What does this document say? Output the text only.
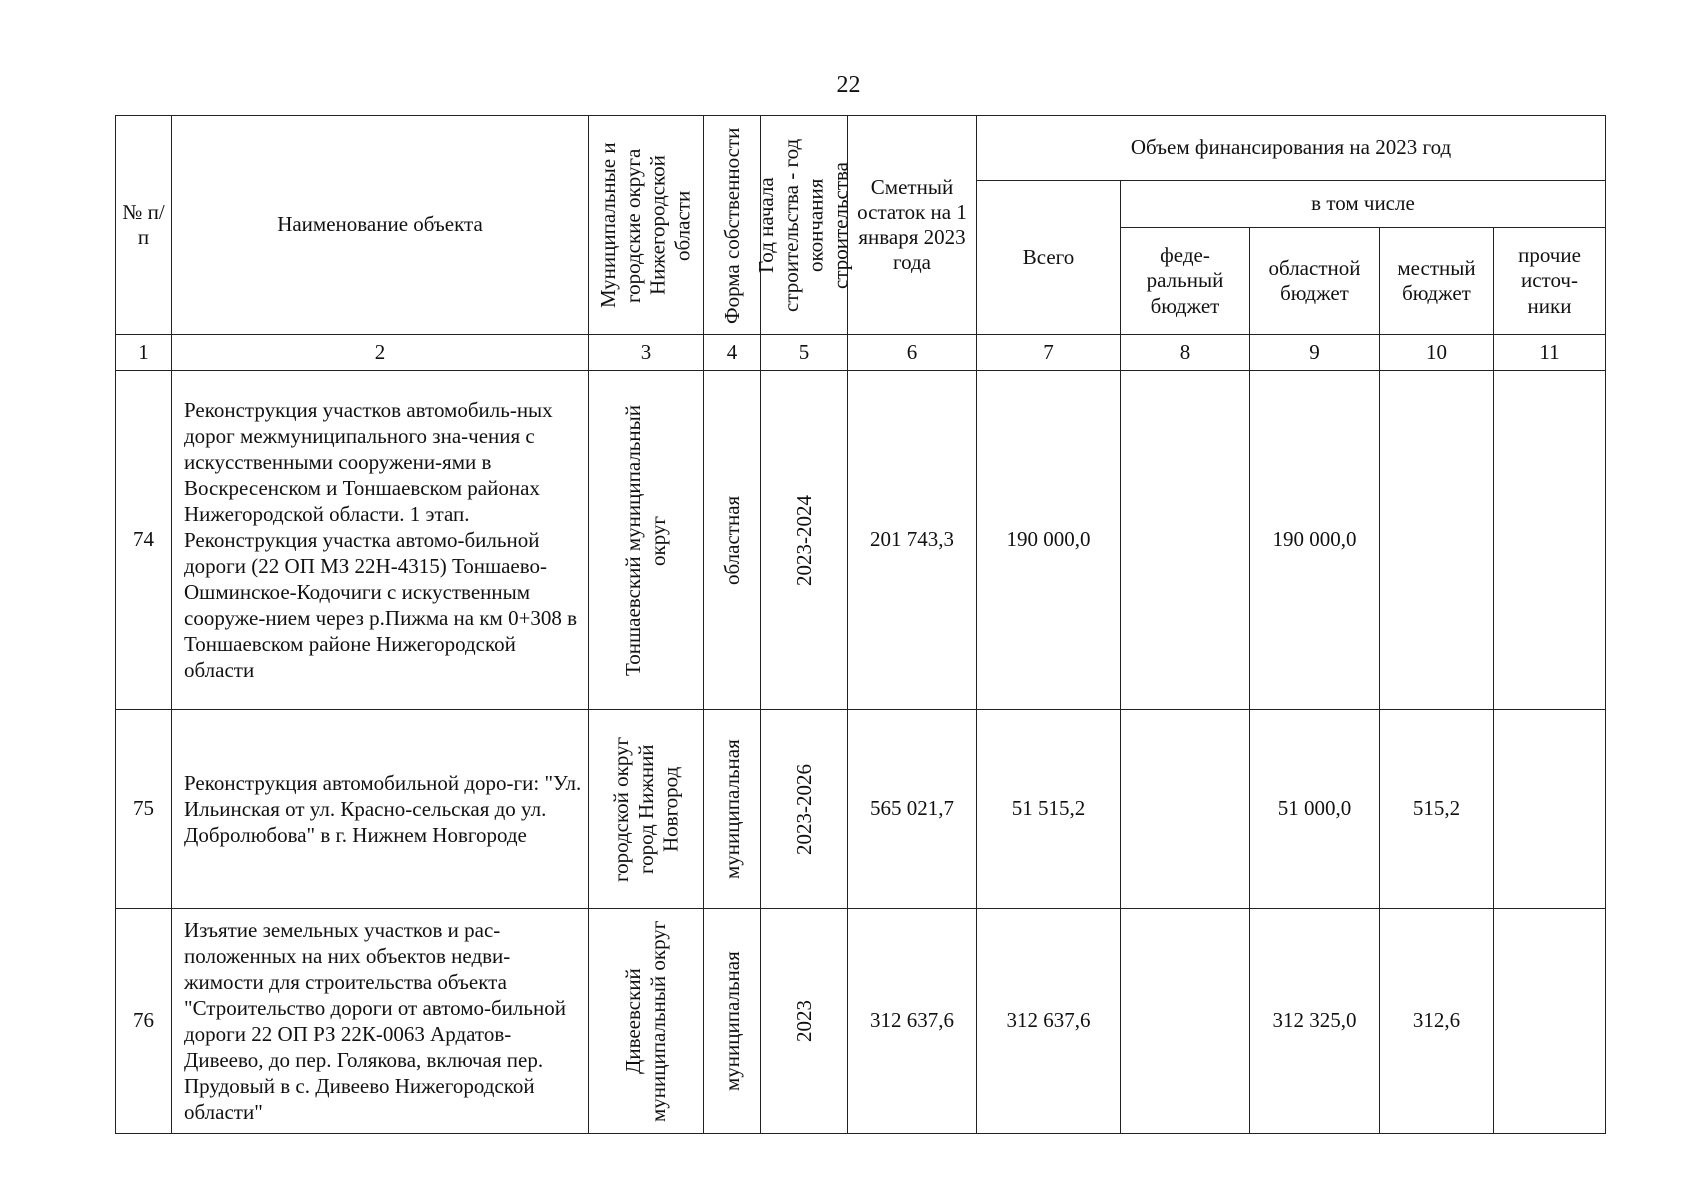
22
№ п/п	Наименование объекта	Муниципальные и городские округа Нижегородской области	Форма собственности	Год начала строительства - год окончания строительства	Сметный остаток на 1 января 2023 года	Объем финансирования на 2023 год				

						Всего	в том числе			

							феде-ральный бюджет	областной бюджет	местный бюджет	прочие источ-ники

1	2	3	4	5	6	7	8	9	10	11
74	Реконструкция участков автомобиль-ных дорог межмуниципального зна-чения с искусственными сооружени-ями в Воскресенском и Тоншаевском районах Нижегородской области. 1 этап. Реконструкция участка автомо-бильной дороги (22 ОП МЗ 22Н-4315) Тоншаево-Ошминское-Кодочиги с искуственным сооруже-нием через р.Пижма на км 0+308 в Тоншаевском районе Нижегородской области	Тоншаевский муниципальный округ	областная	2023-2024	201 743,3	190 000,0		190 000,0		
75	Реконструкция автомобильной доро-ги: "Ул. Ильинская от ул. Красно-сельская до ул. Добролюбова" в г. Нижнем Новгороде	городской округ город Нижний Новгород	муниципальная	2023-2026	565 021,7	51 515,2		51 000,0	515,2	
76	Изъятие земельных участков и рас-положенных на них объектов недви-жимости для строительства объекта "Строительство дороги от автомо-бильной дороги 22 ОП РЗ 22К-0063 Ардатов-Дивеево, до пер. Голякова, включая пер. Прудовый в с. Дивеево Нижегородской области"	Дивеевский муниципальный округ	муниципальная	2023	312 637,6	312 637,6		312 325,0	312,6	
